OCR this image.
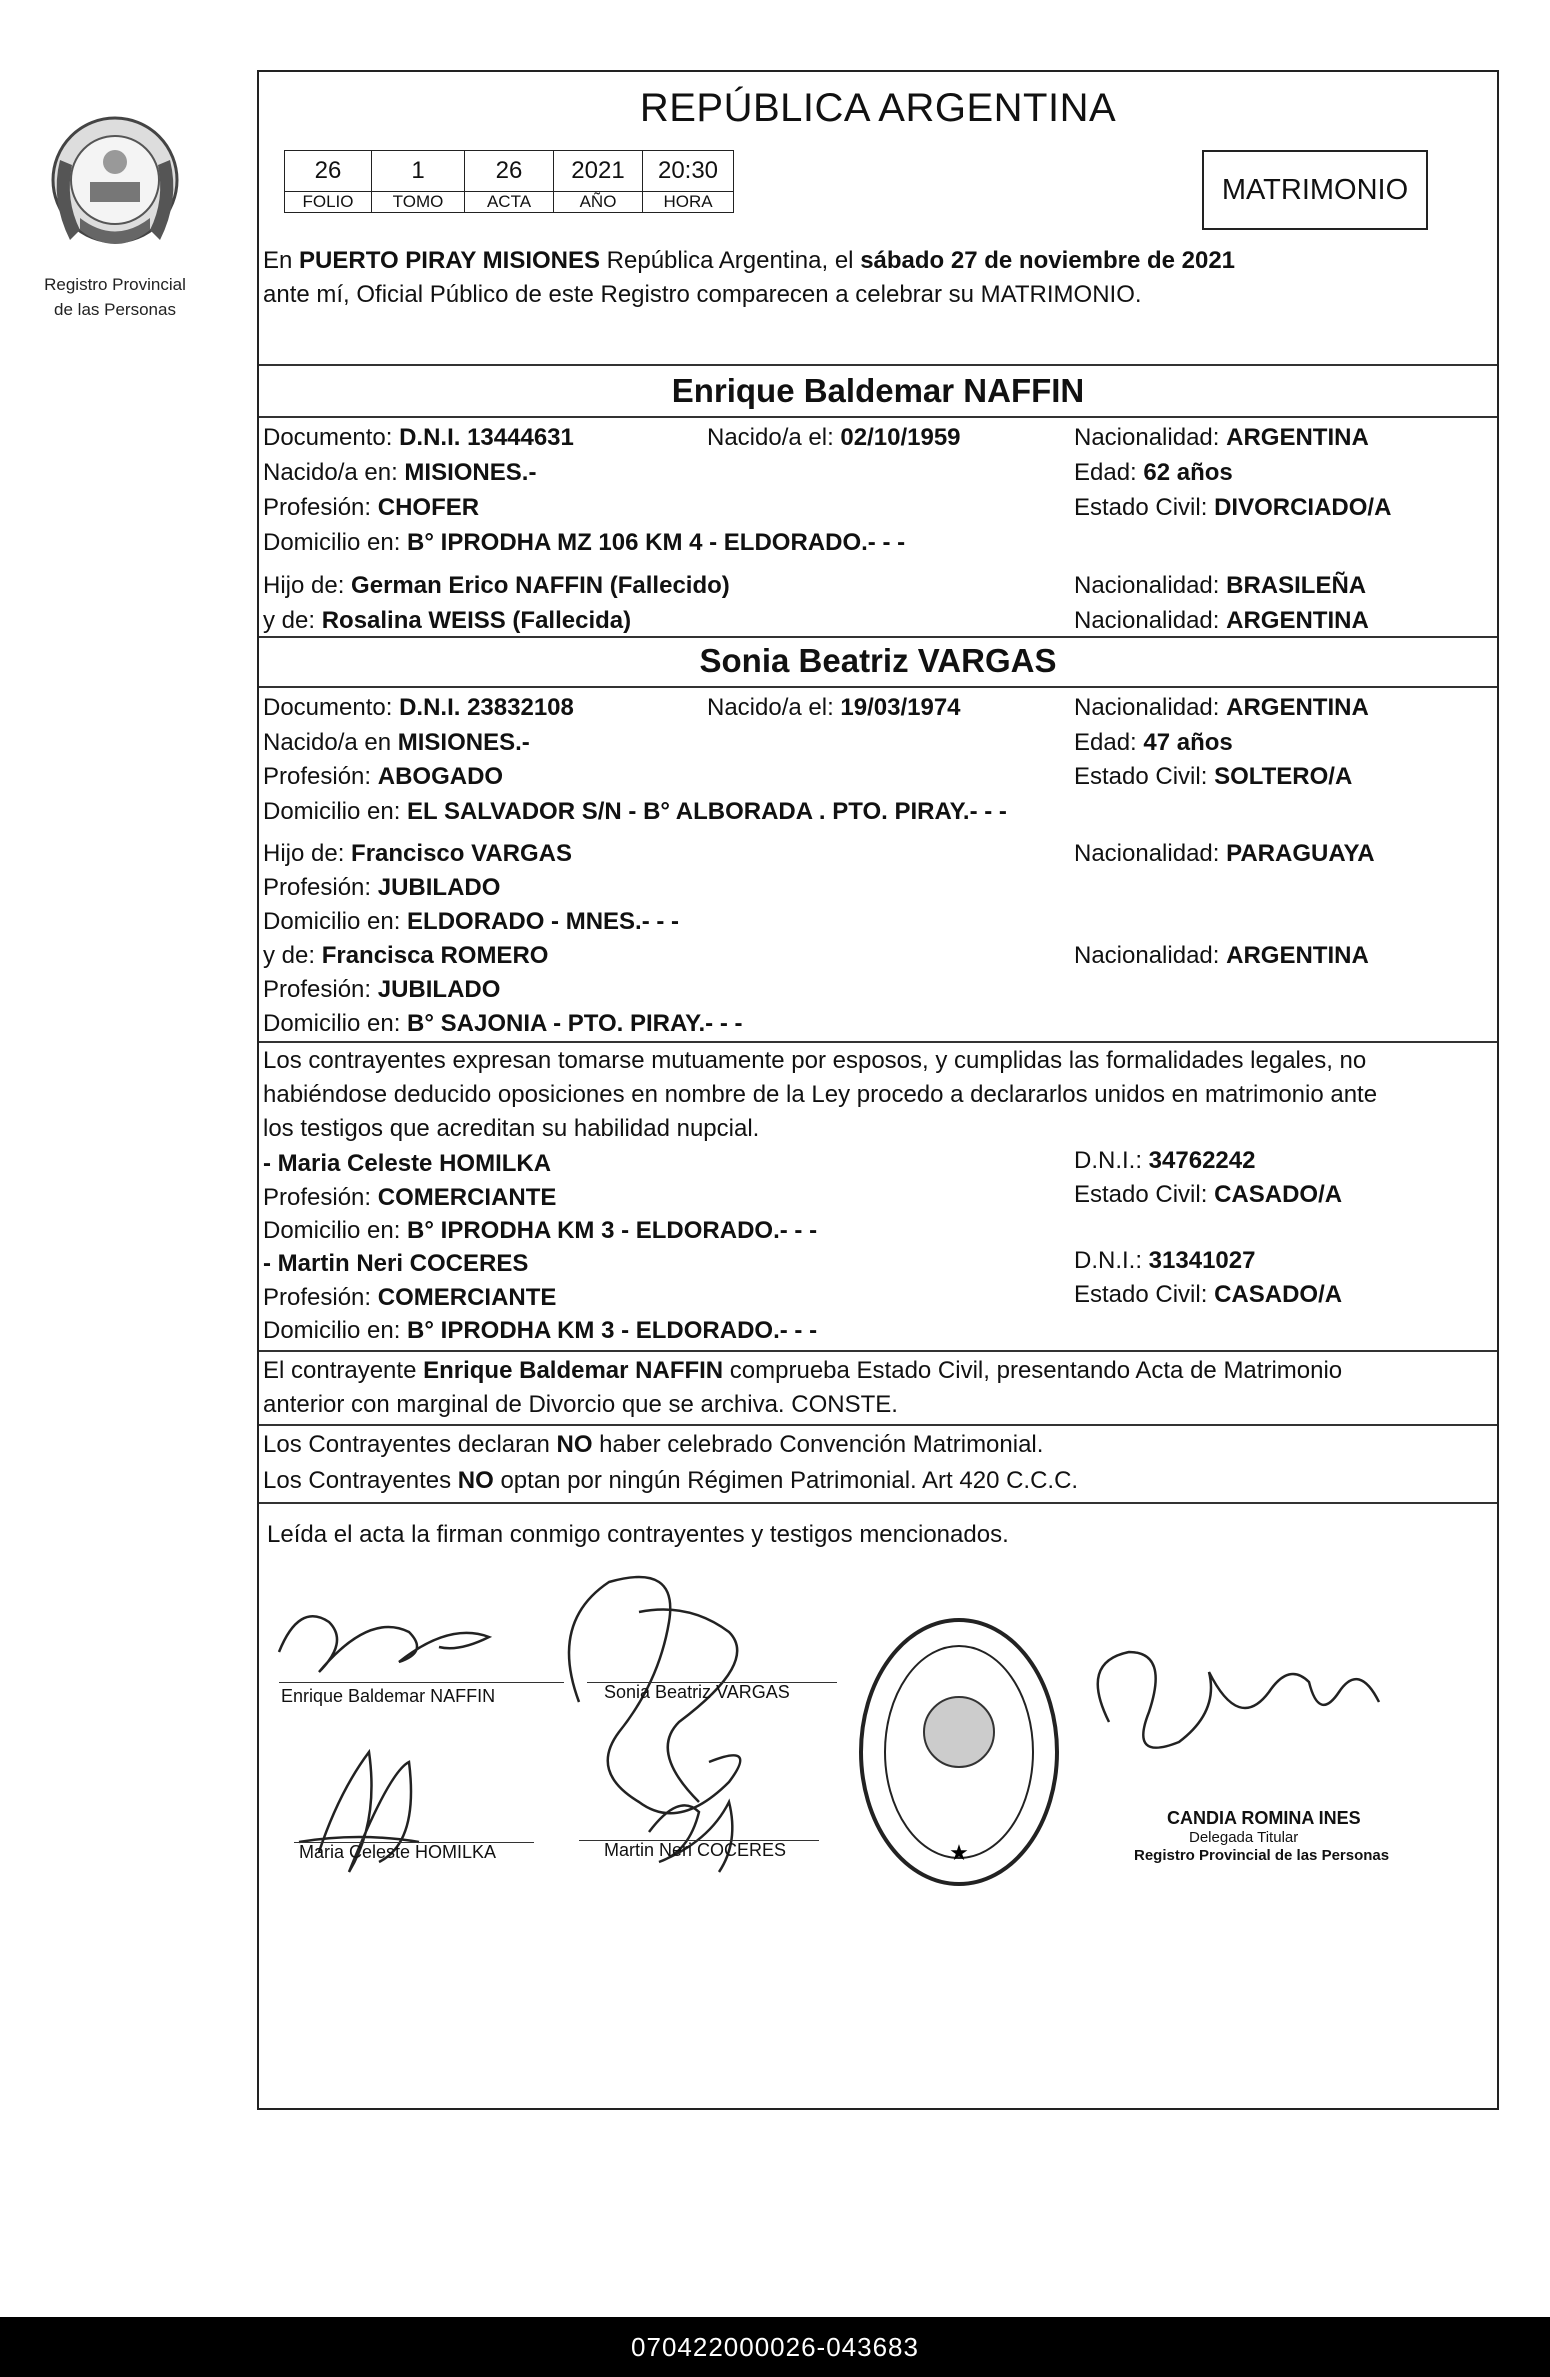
Registro Provincial
de las Personas
REPÚBLICA ARGENTINA
26	1	26	2021	20:30
FOLIO	TOMO	ACTA	AÑO	HORA	MATRIMONIO
En PUERTO PIRAY MISIONES República Argentina, el sábado 27 de noviembre de 2021
ante mí, Oficial Público de este Registro comparecen a celebrar su MATRIMONIO.
Enrique Baldemar NAFFIN
Documento: D.N.I. 13444631	Nacido/a el: 02/10/1959	Nacionalidad: ARGENTINA
Nacido/a en: MISIONES.-	Edad: 62 años
Profesión: CHOFER	Estado Civil: DIVORCIADO/A
Domicilio en: B° IPRODHA MZ 106 KM 4 - ELDORADO.- - -
Hijo de: German Erico NAFFIN (Fallecido)	Nacionalidad: BRASILEÑA
y de: Rosalina WEISS (Fallecida)	Nacionalidad: ARGENTINA
Sonia Beatriz VARGAS
Documento: D.N.I. 23832108	Nacido/a el: 19/03/1974	Nacionalidad: ARGENTINA
Nacido/a en MISIONES.-	Edad: 47 años
Profesión: ABOGADO	Estado Civil: SOLTERO/A
Domicilio en: EL SALVADOR S/N - B° ALBORADA . PTO. PIRAY.- - -
Hijo de: Francisco VARGAS	Nacionalidad: PARAGUAYA
Profesión: JUBILADO
Domicilio en: ELDORADO - MNES.- - -
y de: Francisca ROMERO	Nacionalidad: ARGENTINA
Profesión: JUBILADO
Domicilio en: B° SAJONIA - PTO. PIRAY.- - -
Los contrayentes expresan tomarse mutuamente por esposos, y cumplidas las formalidades legales, no
habiéndose deducido oposiciones en nombre de la Ley procedo a declararlos unidos en matrimonio ante
los testigos que acreditan su habilidad nupcial.
- Maria Celeste HOMILKA	D.N.I.: 34762242
Profesión: COMERCIANTE	Estado Civil: CASADO/A
Domicilio en: B° IPRODHA KM 3 - ELDORADO.- - -
- Martin Neri COCERES	D.N.I.: 31341027
Profesión: COMERCIANTE	Estado Civil: CASADO/A
Domicilio en: B° IPRODHA KM 3 - ELDORADO.- - -
El contrayente Enrique Baldemar NAFFIN comprueba Estado Civil, presentando Acta de Matrimonio
anterior con marginal de Divorcio que se archiva. CONSTE.
Los Contrayentes declaran NO haber celebrado Convención Matrimonial.
Los Contrayentes NO optan por ningún Régimen Patrimonial. Art 420 C.C.C.
Leída el acta la firman conmigo contrayentes y testigos mencionados.
★
Enrique Baldemar NAFFIN	Sonia Beatriz VARGAS
Maria Celeste HOMILKA	Martin Neri COCERES
CANDIA ROMINA INES
Delegada Titular
Registro Provincial de las Personas
070422000026-043683
